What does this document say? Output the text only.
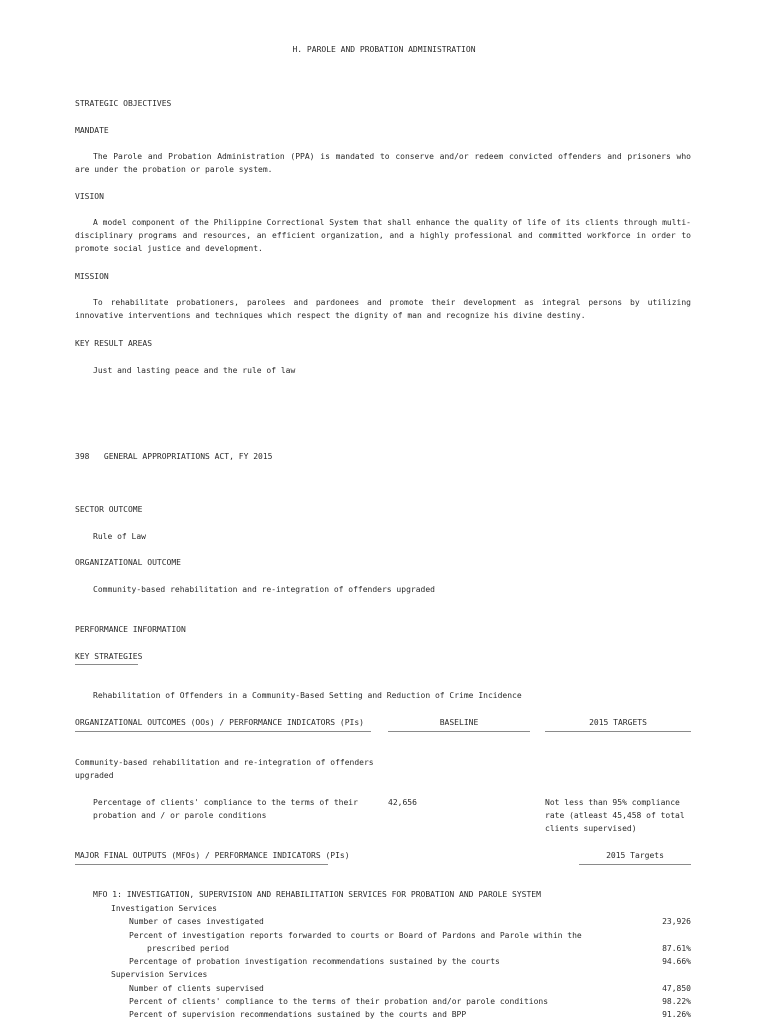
H. PAROLE AND PROBATION ADMINISTRATION
STRATEGIC OBJECTIVES
MANDATE
The Parole and Probation Administration (PPA) is mandated to conserve and/or redeem convicted offenders and prisoners who are under the probation or parole system.
VISION
A model component of the Philippine Correctional System that shall enhance the quality of life of its clients through multi-disciplinary programs and resources, an efficient organization, and a highly professional and committed workforce in order to promote social justice and development.
MISSION
To rehabilitate probationers, parolees and pardonees and promote their development as integral persons by utilizing innovative interventions and techniques which respect the dignity of man and recognize his divine destiny.
KEY RESULT AREAS
Just and lasting peace and the rule of law
398   GENERAL APPROPRIATIONS ACT, FY 2015
SECTOR OUTCOME
Rule of Law
ORGANIZATIONAL OUTCOME
Community-based rehabilitation and re-integration of offenders upgraded
PERFORMANCE INFORMATION
KEY STRATEGIES
Rehabilitation of Offenders in a Community-Based Setting and Reduction of Crime Incidence
ORGANIZATIONAL OUTCOMES (OOs) / PERFORMANCE INDICATORS (PIs)	BASELINE	2015 TARGETS
Community-based rehabilitation and re-integration of offenders
upgraded
Percentage of clients' compliance to the terms of their
probation and / or parole conditions
42,656	Not less than 95% compliance
rate (atleast 45,458 of total
clients supervised)
MAJOR FINAL OUTPUTS (MFOs) / PERFORMANCE INDICATORS (PIs)	2015 Targets
MFO 1: INVESTIGATION, SUPERVISION AND REHABILITATION SERVICES FOR PROBATION AND PAROLE SYSTEM
Investigation Services
Number of cases investigated	23,926
Percent of investigation reports forwarded to courts or Board of Pardons and Parole within the
prescribed period	87.61%
Percentage of probation investigation recommendations sustained by the courts	94.66%
Supervision Services
Number of clients supervised	47,850
Percent of clients' compliance to the terms of their probation and/or parole conditions	98.22%
Percent of supervision recommendations sustained by the courts and BPP	91.26%
